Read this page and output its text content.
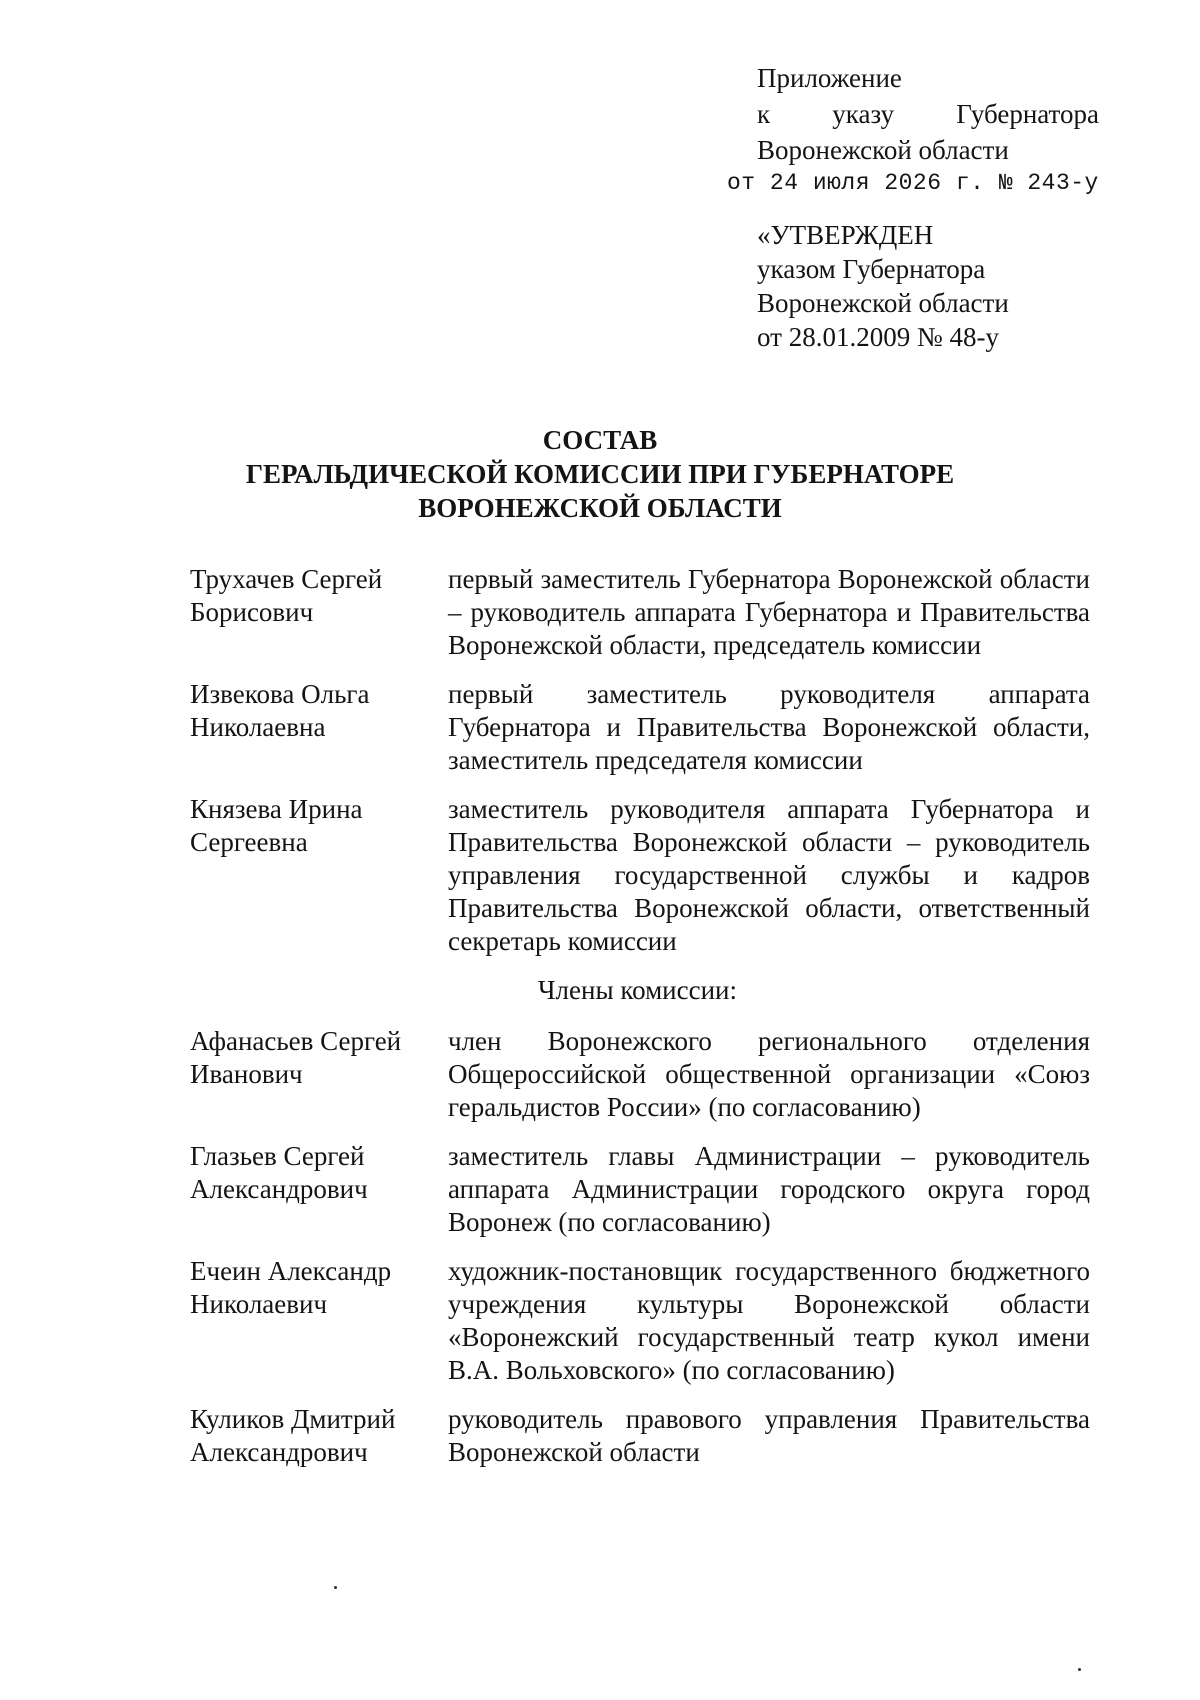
Приложение
к указу Губернатора
Воронежской области
от 24 июля 2026 г. № 243-у
«УТВЕРЖДЕН
указом Губернатора
Воронежской области
от 28.01.2009 № 48-у
СОСТАВ
ГЕРАЛЬДИЧЕСКОЙ КОМИССИИ ПРИ ГУБЕРНАТОРЕ
ВОРОНЕЖСКОЙ ОБЛАСТИ
Трухачев Сергей Борисович
первый заместитель Губернатора Воронежской области – руководитель аппарата Губернатора и Правительства Воронежской области, председатель комиссии
Извекова Ольга Николаевна
первый заместитель руководителя аппарата Губернатора и Правительства Воронежской области, заместитель председателя комиссии
Князева Ирина Сергеевна
заместитель руководителя аппарата Губернатора и Правительства Воронежской области – руководитель управления государственной службы и кадров Правительства Воронежской области, ответственный секретарь комиссии
Члены комиссии:
Афанасьев Сергей Иванович
член Воронежского регионального отделения Общероссийской общественной организации «Союз геральдистов России» (по согласованию)
Глазьев Сергей Александрович
заместитель главы Администрации – руководитель аппарата Администрации городского округа город Воронеж (по согласованию)
Ечеин Александр Николаевич
художник-постановщик государственного бюджетного учреждения культуры Воронежской области «Воронежский государственный театр кукол имени В.А. Вольховского» (по согласованию)
Куликов Дмитрий Александрович
руководитель правового управления Правительства Воронежской области
